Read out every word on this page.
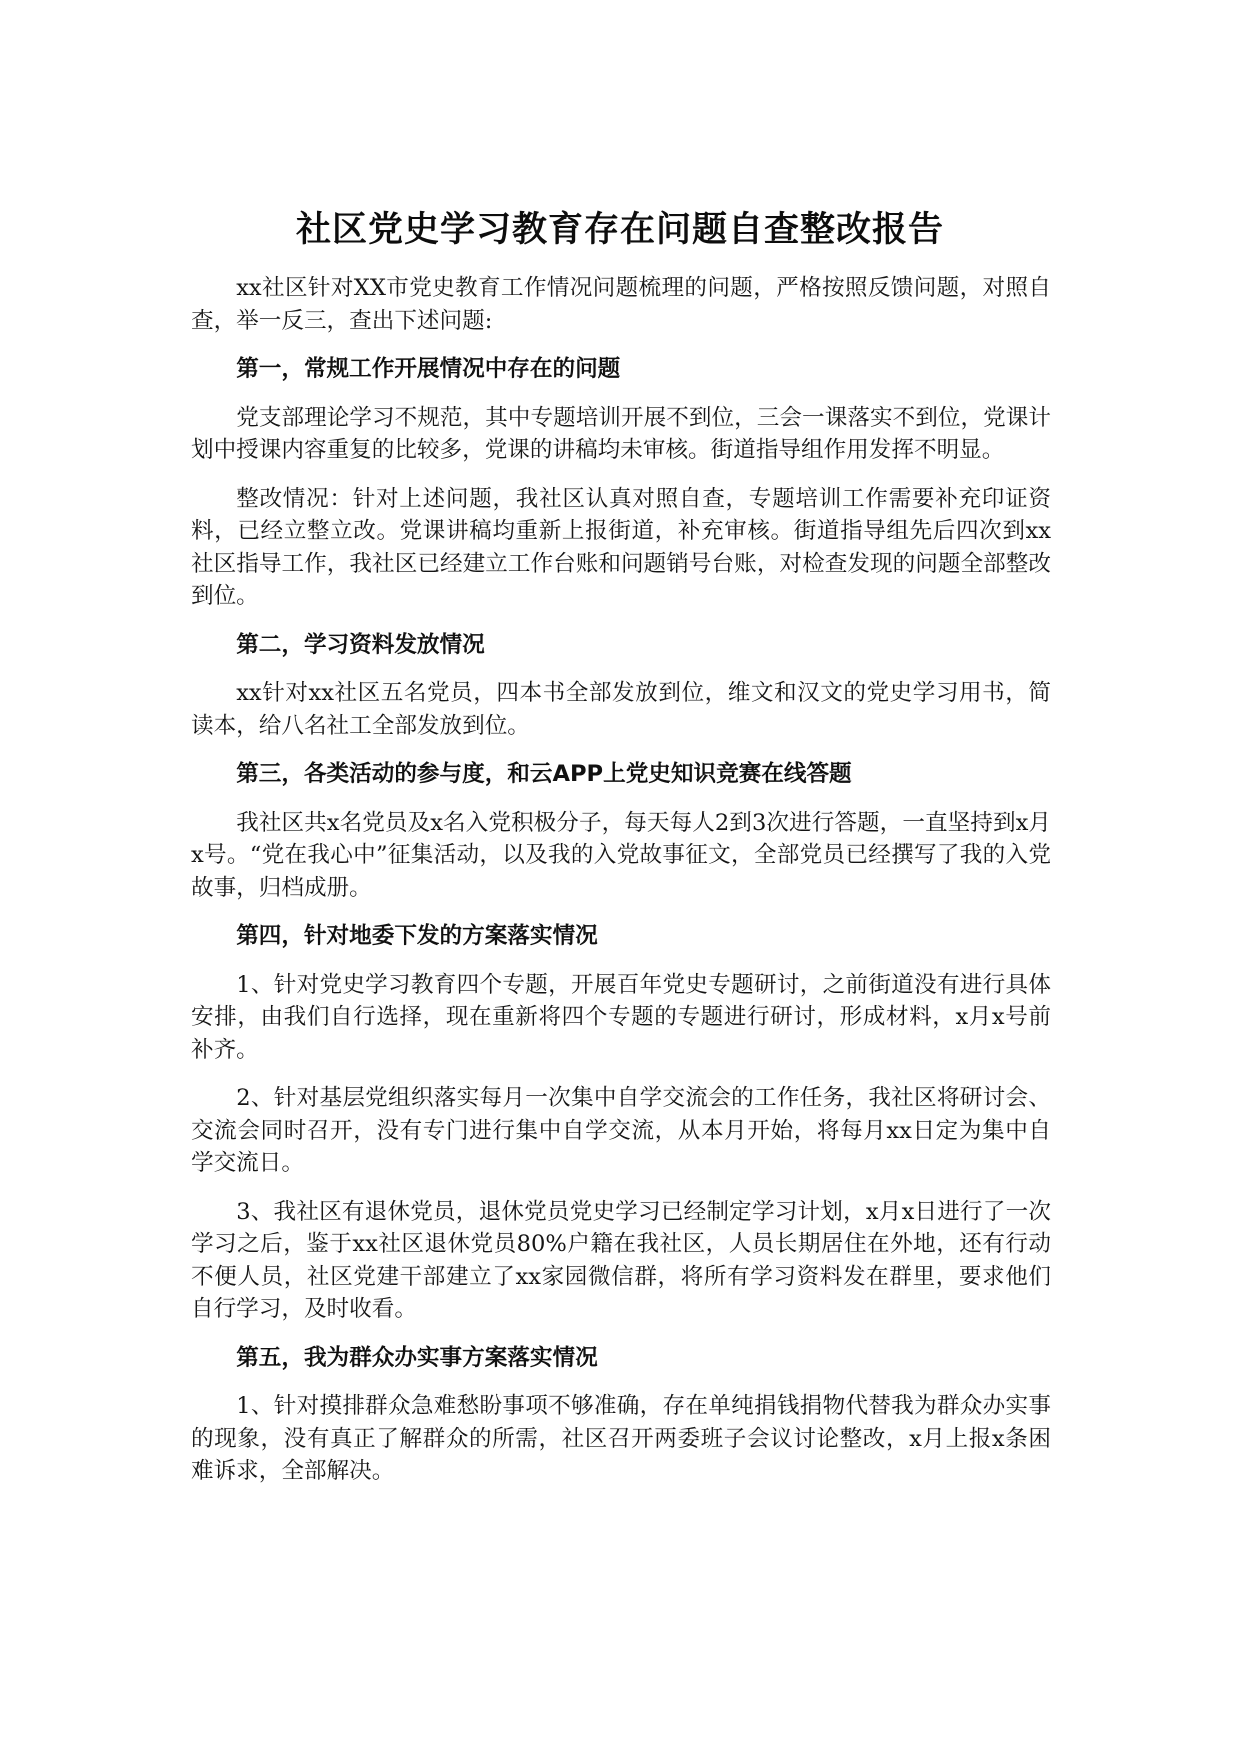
社区党史学习教育存在问题自查整改报告

xx社区针对XX市党史教育工作情况问题梳理的问题，严格按照反馈问题，对照自查，举一反三，查出下述问题:

第一，常规工作开展情况中存在的问题

党支部理论学习不规范，其中专题培训开展不到位，三会一课落实不到位，党课计划中授课内容重复的比较多，党课的讲稿均未审核。街道指导组作用发挥不明显。

整改情况：针对上述问题，我社区认真对照自查，专题培训工作需要补充印证资料，已经立整立改。党课讲稿均重新上报街道，补充审核。街道指导组先后四次到xx社区指导工作，我社区已经建立工作台账和问题销号台账，对检查发现的问题全部整改到位。

第二，学习资料发放情况

xx针对xx社区五名党员，四本书全部发放到位，维文和汉文的党史学习用书，简读本，给八名社工全部发放到位。

第三，各类活动的参与度，和云APP上党史知识竞赛在线答题

我社区共x名党员及x名入党积极分子，每天每人2到3次进行答题，一直坚持到x月x号。“党在我心中”征集活动，以及我的入党故事征文，全部党员已经撰写了我的入党故事，归档成册。

第四，针对地委下发的方案落实情况

1、针对党史学习教育四个专题，开展百年党史专题研讨，之前街道没有进行具体安排，由我们自行选择，现在重新将四个专题的专题进行研讨，形成材料，x月x号前补齐。

2、针对基层党组织落实每月一次集中自学交流会的工作任务，我社区将研讨会、交流会同时召开，没有专门进行集中自学交流，从本月开始，将每月xx日定为集中自学交流日。

3、我社区有退休党员，退休党员党史学习已经制定学习计划，x月x日进行了一次学习之后，鉴于xx社区退休党员80%户籍在我社区，人员长期居住在外地，还有行动不便人员，社区党建干部建立了xx家园微信群，将所有学习资料发在群里，要求他们自行学习，及时收看。

第五，我为群众办实事方案落实情况

1、针对摸排群众急难愁盼事项不够准确，存在单纯捐钱捐物代替我为群众办实事的现象，没有真正了解群众的所需，社区召开两委班子会议讨论整改，x月上报x条困难诉求，全部解决。
